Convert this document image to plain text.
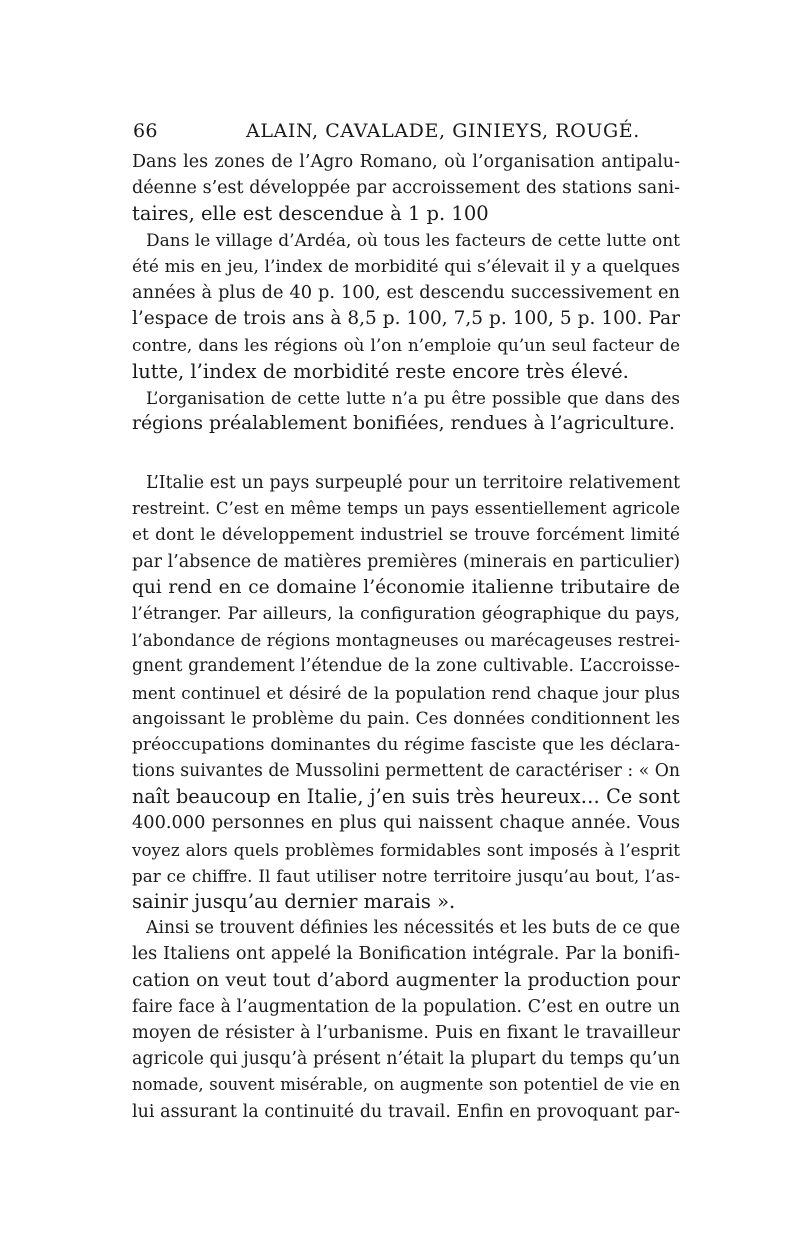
66	ALAIN, CAVALADE, GINIEYS, ROUGÉ.
Dans les zones de l’Agro Romano, où l’organisation antipalu-
déenne s’est développée par accroissement des stations sani-
taires, elle est descendue à 1 p. 100
Dans le village d’Ardéa, où tous les facteurs de cette lutte ont
été mis en jeu, l’index de morbidité qui s’élevait il y a quelques
années à plus de 40 p. 100, est descendu successivement en
l’espace de trois ans à 8,5 p. 100, 7,5 p. 100, 5 p. 100. Par
contre, dans les régions où l’on n’emploie qu’un seul facteur de
lutte, l’index de morbidité reste encore très élevé.
L’organisation de cette lutte n’a pu être possible que dans des
régions préalablement bonifiées, rendues à l’agriculture.
L’Italie est un pays surpeuplé pour un territoire relativement
restreint. C’est en même temps un pays essentiellement agricole
et dont le développement industriel se trouve forcément limité
par l’absence de matières premières (minerais en particulier)
qui rend en ce domaine l’économie italienne tributaire de
l’étranger. Par ailleurs, la configuration géographique du pays,
l’abondance de régions montagneuses ou marécageuses restrei-
gnent grandement l’étendue de la zone cultivable. L’accroisse-
ment continuel et désiré de la population rend chaque jour plus
angoissant le problème du pain. Ces données conditionnent les
préoccupations dominantes du régime fasciste que les déclara-
tions suivantes de Mussolini permettent de caractériser : « On
naît beaucoup en Italie, j’en suis très heureux… Ce sont
400.000 personnes en plus qui naissent chaque année. Vous
voyez alors quels problèmes formidables sont imposés à l’esprit
par ce chiffre. Il faut utiliser notre territoire jusqu’au bout, l’as-
sainir jusqu’au dernier marais ».
Ainsi se trouvent définies les nécessités et les buts de ce que
les Italiens ont appelé la Bonification intégrale. Par la bonifi-
cation on veut tout d’abord augmenter la production pour
faire face à l’augmentation de la population. C’est en outre un
moyen de résister à l’urbanisme. Puis en fixant le travailleur
agricole qui jusqu’à présent n’était la plupart du temps qu’un
nomade, souvent misérable, on augmente son potentiel de vie en
lui assurant la continuité du travail. Enfin en provoquant par-
